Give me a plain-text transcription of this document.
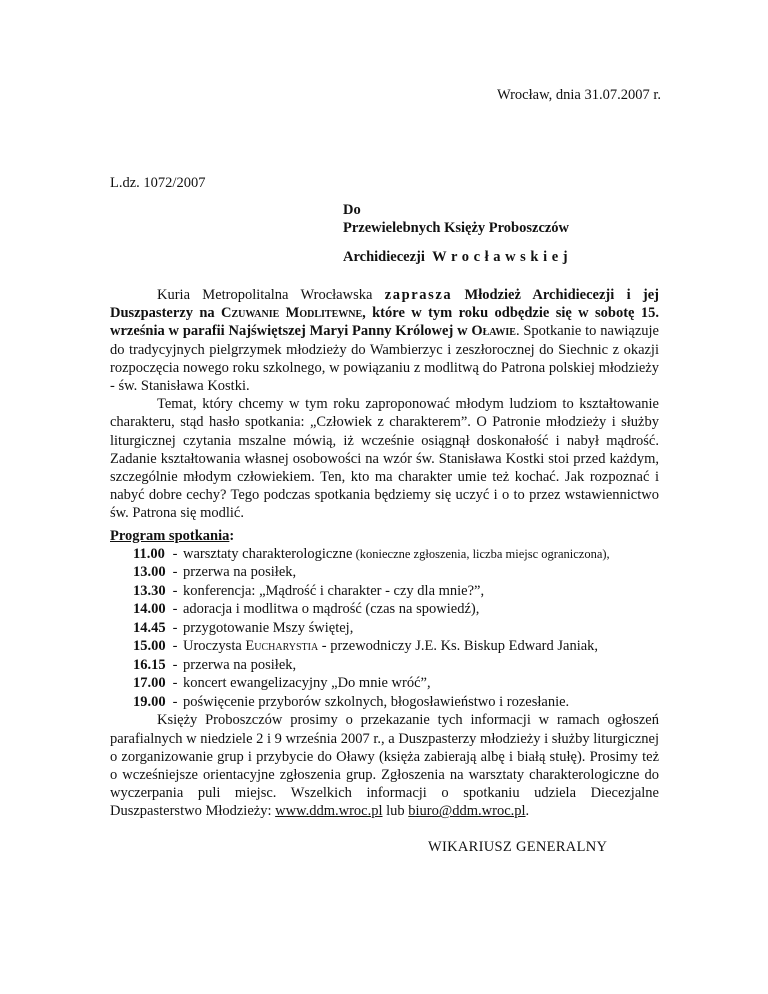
Wrocław, dnia 31.07.2007 r.
L.dz. 1072/2007
Do
Przewielebnych Księży Proboszczów
Archidiecezji Wrocławskiej

Kuria Metropolitalna Wrocławska zaprasza Młodzież Archidiecezji i jej Duszpasterzy na Czuwanie Modlitewne, które w tym roku odbędzie się w sobotę 15. września w parafii Najświętszej Maryi Panny Królowej w Oławie. Spotkanie to nawiązuje do tradycyjnych pielgrzymek młodzieży do Wambierzyc i zeszłorocznej do Siechnic z okazji rozpoczęcia nowego roku szkolnego, w powiązaniu z modlitwą do Patrona polskiej młodzieży - św. Stanisława Kostki.

Temat, który chcemy w tym roku zaproponować młodym ludziom to kształtowanie charakteru, stąd hasło spotkania: „Człowiek z charakterem”. O Patronie młodzieży i służby liturgicznej czytania mszalne mówią, iż wcześnie osiągnął doskonałość i nabył mądrość. Zadanie kształtowania własnej osobowości na wzór św. Stanisława Kostki stoi przed każdym, szczególnie młodym człowiekiem. Ten, kto ma charakter umie też kochać. Jak rozpoznać i nabyć dobre cechy? Tego podczas spotkania będziemy się uczyć i o to przez wstawiennictwo św. Patrona się modlić.

Program spotkania:
11.00	-	warsztaty charakterologiczne (konieczne zgłoszenia, liczba miejsc ograniczona),
13.00	-	przerwa na posiłek,
13.30	-	konferencja: „Mądrość i charakter - czy dla mnie?”,
14.00	-	adoracja i modlitwa o mądrość (czas na spowiedź),
14.45	-	przygotowanie Mszy świętej,
15.00	-	Uroczysta Eucharystia - przewodniczy J.E. Ks. Biskup Edward Janiak,
16.15	-	przerwa na posiłek,
17.00	-	koncert ewangelizacyjny „Do mnie wróć”,
19.00	-	poświęcenie przyborów szkolnych, błogosławieństwo i rozesłanie.

Księży Proboszczów prosimy o przekazanie tych informacji w ramach ogłoszeń parafialnych w niedziele 2 i 9 września 2007 r., a Duszpasterzy młodzieży i służby liturgicznej o zorganizowanie grup i przybycie do Oławy (księża zabierają albę i białą stułę). Prosimy też o wcześniejsze orientacyjne zgłoszenia grup. Zgłoszenia na warsztaty charakterologiczne do wyczerpania puli miejsc. Wszelkich informacji o spotkaniu udziela Diecezjalne Duszpasterstwo Młodzieży: www.ddm.wroc.pl lub biuro@ddm.wroc.pl.

WIKARIUSZ GENERALNY
